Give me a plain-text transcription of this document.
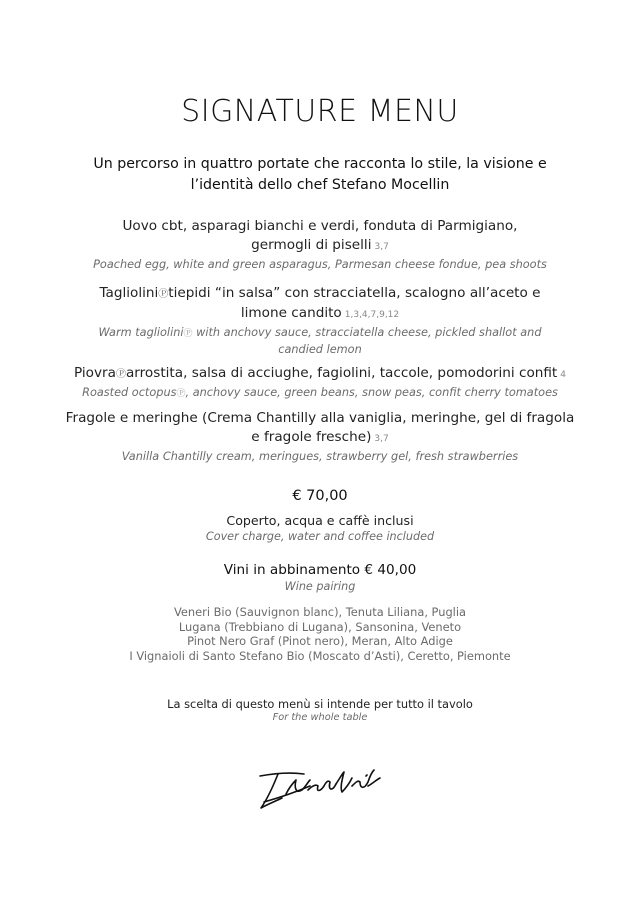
SIGNATURE MENU
Un percorso in quattro portate che racconta lo stile, la visione e
l’identità dello chef Stefano Mocellin
Uovo cbt, asparagi bianchi e verdi, fonduta di Parmigiano,
germogli di piselli 3,7
Poached egg, white and green asparagus, Parmesan cheese fondue, pea shoots
TaglioliniⓅtiepidi “in salsa” con stracciatella, scalogno all’aceto e
limone candito 1,3,4,7,9,12
Warm taglioliniⓅ with anchovy sauce, stracciatella cheese, pickled shallot and
candied lemon
PiovraⓅarrostita, salsa di acciughe, fagiolini, taccole, pomodorini confit 4
Roasted octopusⓅ, anchovy sauce, green beans, snow peas, confit cherry tomatoes
Fragole e meringhe (Crema Chantilly alla vaniglia, meringhe, gel di fragola
e fragole fresche) 3,7
Vanilla Chantilly cream, meringues, strawberry gel, fresh strawberries
€ 70,00
Coperto, acqua e caffè inclusi
Cover charge, water and coffee included
Vini in abbinamento € 40,00
Wine pairing
Veneri Bio (Sauvignon blanc), Tenuta Liliana, Puglia
Lugana (Trebbiano di Lugana), Sansonina, Veneto
Pinot Nero Graf (Pinot nero), Meran, Alto Adige
I Vignaioli di Santo Stefano Bio (Moscato d’Asti), Ceretto, Piemonte
La scelta di questo menù si intende per tutto il tavolo
For the whole table
